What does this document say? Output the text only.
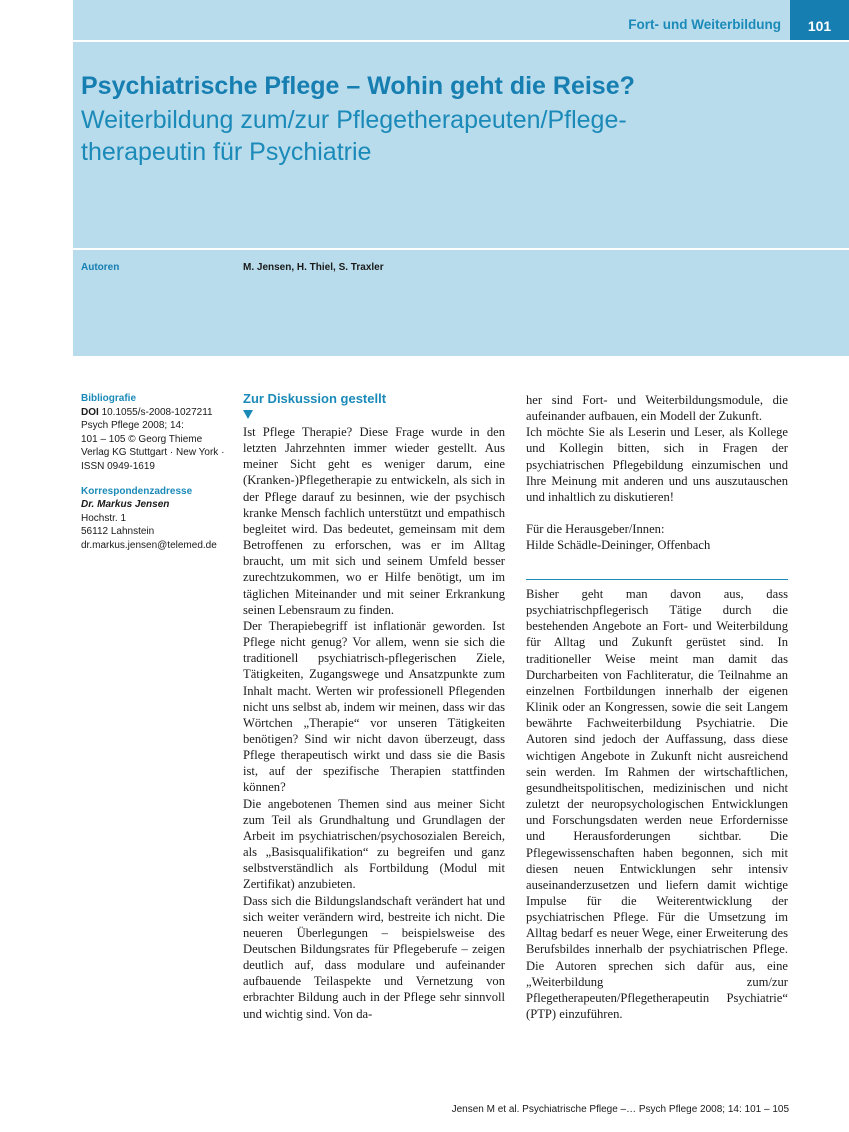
Fort- und Weiterbildung	101
Psychiatrische Pflege – Wohin geht die Reise?
Weiterbildung zum/zur Pflegetherapeuten/Pflege-therapeutin für Psychiatrie
Autoren	M. Jensen, H. Thiel, S. Traxler
Bibliografie
DOI 10.1055/s-2008-1027211
Psych Pflege 2008; 14:
101 – 105 © Georg Thieme
Verlag KG Stuttgart · New York ·
ISSN 0949-1619
Korrespondenzadresse
Dr. Markus Jensen
Hochstr. 1
56112 Lahnstein
dr.markus.jensen@telemed.de
Zur Diskussion gestellt

Ist Pflege Therapie? Diese Frage wurde in den letzten Jahrzehnten immer wieder gestellt. Aus meiner Sicht geht es weniger darum, eine (Kranken-)Pflegetherapie zu entwickeln, als sich in der Pflege darauf zu besinnen, wie der psychisch kranke Mensch fachlich unterstützt und empathisch begleitet wird. Das bedeutet, gemeinsam mit dem Betroffenen zu erforschen, was er im Alltag braucht, um mit sich und seinem Umfeld besser zurechtzukommen, wo er Hilfe benötigt, um im täglichen Miteinander und mit seiner Erkrankung seinen Lebensraum zu finden.

Der Therapiebegriff ist inflationär geworden. Ist Pflege nicht genug? Vor allem, wenn sie sich die traditionell psychiatrisch-pflegerischen Ziele, Tätigkeiten, Zugangswege und Ansatzpunkte zum Inhalt macht. Werten wir professionell Pflegenden nicht uns selbst ab, indem wir meinen, dass wir das Wörtchen „Therapie“ vor unseren Tätigkeiten benötigen? Sind wir nicht davon überzeugt, dass Pflege therapeutisch wirkt und dass sie die Basis ist, auf der spezifische Therapien stattfinden können?

Die angebotenen Themen sind aus meiner Sicht zum Teil als Grundhaltung und Grundlagen der Arbeit im psychiatrischen/psychosozialen Bereich, als „Basisqualifikation“ zu begreifen und ganz selbstverständlich als Fortbildung (Modul mit Zertifikat) anzubieten.

Dass sich die Bildungslandschaft verändert hat und sich weiter verändern wird, bestreite ich nicht. Die neueren Überlegungen – beispielsweise des Deutschen Bildungsrates für Pflegeberufe – zeigen deutlich auf, dass modulare und aufeinander aufbauende Teilaspekte und Vernetzung von erbrachter Bildung auch in der Pflege sehr sinnvoll und wichtig sind. Von da-

her sind Fort- und Weiterbildungsmodule, die aufeinander aufbauen, ein Modell der Zukunft.

Ich möchte Sie als Leserin und Leser, als Kollege und Kollegin bitten, sich in Fragen der psychiatrischen Pflegebildung einzumischen und Ihre Meinung mit anderen und uns auszutauschen und inhaltlich zu diskutieren!

Für die Herausgeber/Innen:
Hilde Schädle-Deininger, Offenbach

Bisher geht man davon aus, dass psychiatrischpflegerisch Tätige durch die bestehenden Angebote an Fort- und Weiterbildung für Alltag und Zukunft gerüstet sind. In traditioneller Weise meint man damit das Durcharbeiten von Fachliteratur, die Teilnahme an einzelnen Fortbildungen innerhalb der eigenen Klinik oder an Kongressen, sowie die seit Langem bewährte Fachweiterbildung Psychiatrie. Die Autoren sind jedoch der Auffassung, dass diese wichtigen Angebote in Zukunft nicht ausreichend sein werden. Im Rahmen der wirtschaftlichen, gesundheitspolitischen, medizinischen und nicht zuletzt der neuropsychologischen Entwicklungen und Forschungsdaten werden neue Erfordernisse und Herausforderungen sichtbar. Die Pflegewissenschaften haben begonnen, sich mit diesen neuen Entwicklungen sehr intensiv auseinanderzusetzen und liefern damit wichtige Impulse für die Weiterentwicklung der psychiatrischen Pflege. Für die Umsetzung im Alltag bedarf es neuer Wege, einer Erweiterung des Berufsbildes innerhalb der psychiatrischen Pflege. Die Autoren sprechen sich dafür aus, eine „Weiterbildung zum/zur Pflegetherapeuten/Pflegetherapeutin Psychiatrie“ (PTP) einzuführen.

Jensen M et al. Psychiatrische Pflege –… Psych Pflege 2008; 14: 101 – 105
